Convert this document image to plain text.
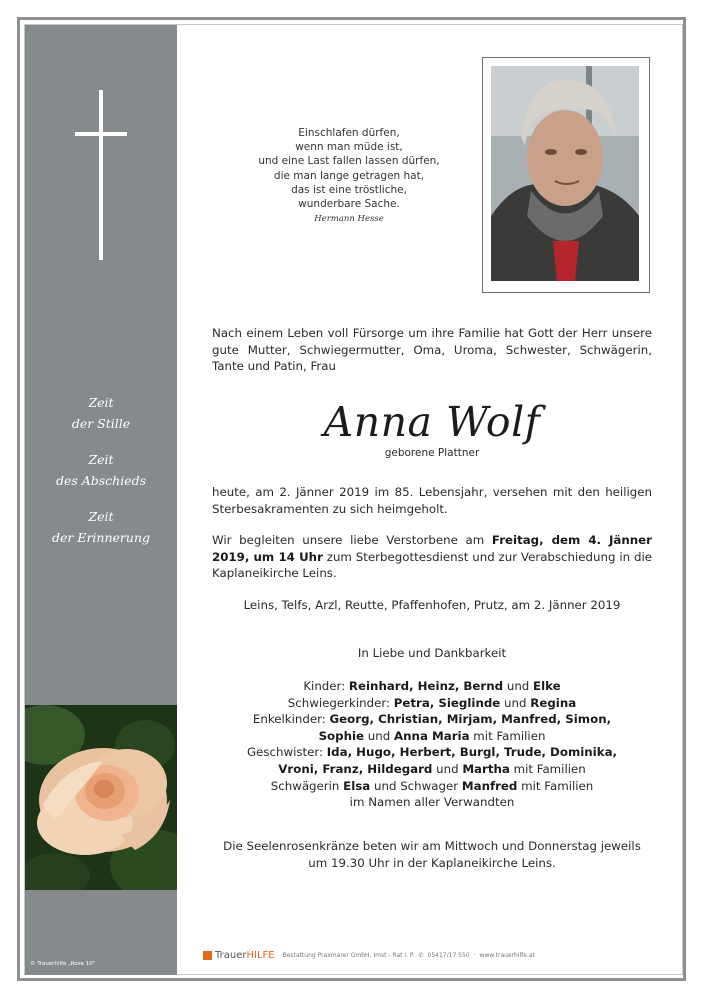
Zeit
der Stille
Zeit
des Abschieds
Zeit
der Erinnerung
© Trauerhilfe „Rose 10"
Einschlafen dürfen,
wenn man müde ist,
und eine Last fallen lassen dürfen,
die man lange getragen hat,
das ist eine tröstliche,
wunderbare Sache.
Hermann Hesse
Nach einem Leben voll Fürsorge um ihre Familie hat Gott der Herr unsere gute Mutter, Schwiegermutter, Oma, Uroma, Schwester, Schwägerin, Tante und Patin, Frau
Anna Wolf
geborene Plattner
heute, am 2. Jänner 2019 im 85. Lebensjahr, versehen mit den heiligen Sterbesakramenten zu sich heimgeholt.
Wir begleiten unsere liebe Verstorbene am Freitag, dem 4. Jänner 2019, um 14 Uhr zum Sterbegottesdienst und zur Verabschiedung in die Kaplaneikirche Leins.
Leins, Telfs, Arzl, Reutte, Pfaffenhofen, Prutz, am 2. Jänner 2019
In Liebe und Dankbarkeit

Kinder: Reinhard, Heinz, Bernd und Elke

Schwiegerkinder: Petra, Sieglinde und Regina

Enkelkinder: Georg, Christian, Mirjam, Manfred, Simon,

Sophie und Anna Maria mit Familien

Geschwister: Ida, Hugo, Herbert, Burgl, Trude, Dominika,

Vroni, Franz, Hildegard und Martha mit Familien

Schwägerin Elsa und Schwager Manfred mit Familien

im Namen aller Verwandten

Die Seelenrosenkränze beten wir am Mittwoch und Donnerstag jeweils um 19.30 Uhr in der Kaplaneikirche Leins.
TrauerHILFE Bestattung Praxmarer GmbH, Imst - Rat i. P. ✆ 05417/17 550 · www.trauerhilfe.at
